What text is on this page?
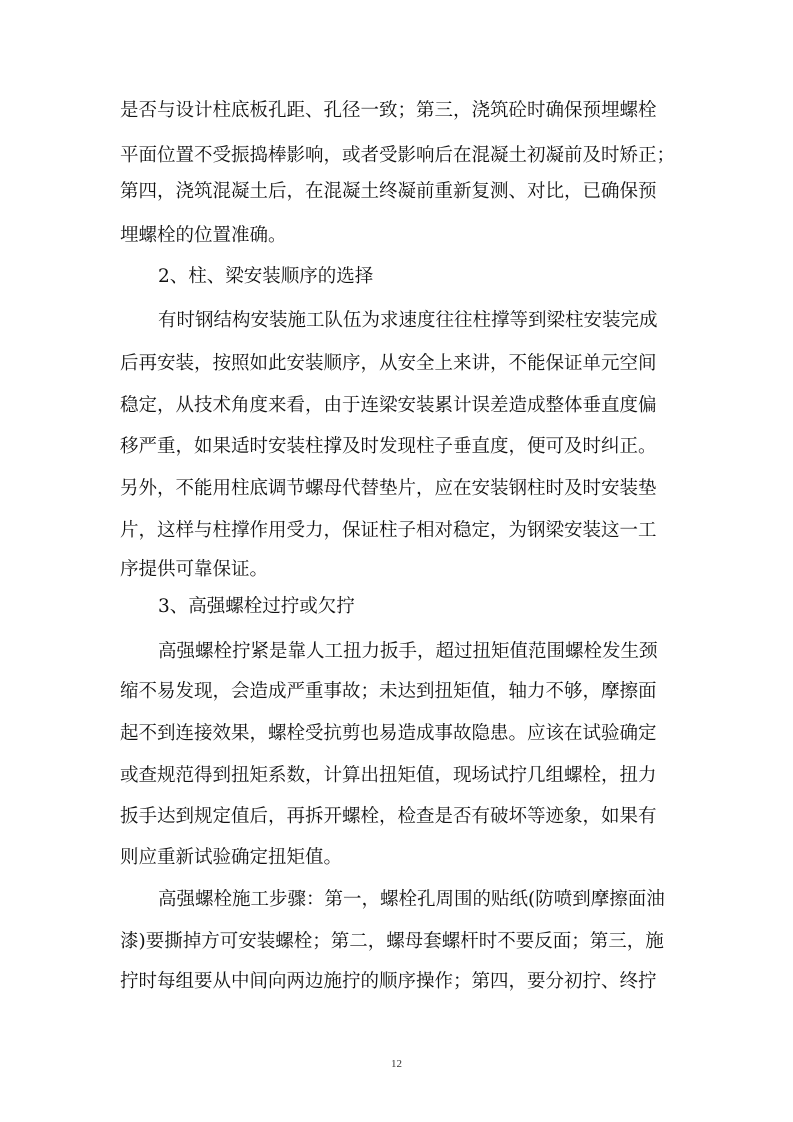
是否与设计柱底板孔距、孔径一致；第三，浇筑砼时确保预埋螺栓
平面位置不受振捣棒影响，或者受影响后在混凝土初凝前及时矫正；
第四，浇筑混凝土后，在混凝土终凝前重新复测、对比，已确保预
埋螺栓的位置准确。
2、柱、梁安装顺序的选择
有时钢结构安装施工队伍为求速度往往柱撑等到梁柱安装完成
后再安装，按照如此安装顺序，从安全上来讲，不能保证单元空间
稳定，从技术角度来看，由于连梁安装累计误差造成整体垂直度偏
移严重，如果适时安装柱撑及时发现柱子垂直度，便可及时纠正。
另外，不能用柱底调节螺母代替垫片，应在安装钢柱时及时安装垫
片，这样与柱撑作用受力，保证柱子相对稳定，为钢梁安装这一工
序提供可靠保证。
3、高强螺栓过拧或欠拧
高强螺栓拧紧是靠人工扭力扳手，超过扭矩值范围螺栓发生颈
缩不易发现，会造成严重事故；未达到扭矩值，轴力不够，摩擦面
起不到连接效果，螺栓受抗剪也易造成事故隐患。应该在试验确定
或查规范得到扭矩系数，计算出扭矩值，现场试拧几组螺栓，扭力
扳手达到规定值后，再拆开螺栓，检查是否有破坏等迹象，如果有
则应重新试验确定扭矩值。
高强螺栓施工步骤：第一，螺栓孔周围的贴纸(防喷到摩擦面油
漆)要撕掉方可安装螺栓；第二，螺母套螺杆时不要反面；第三，施
拧时每组要从中间向两边施拧的顺序操作；第四，要分初拧、终拧
12
